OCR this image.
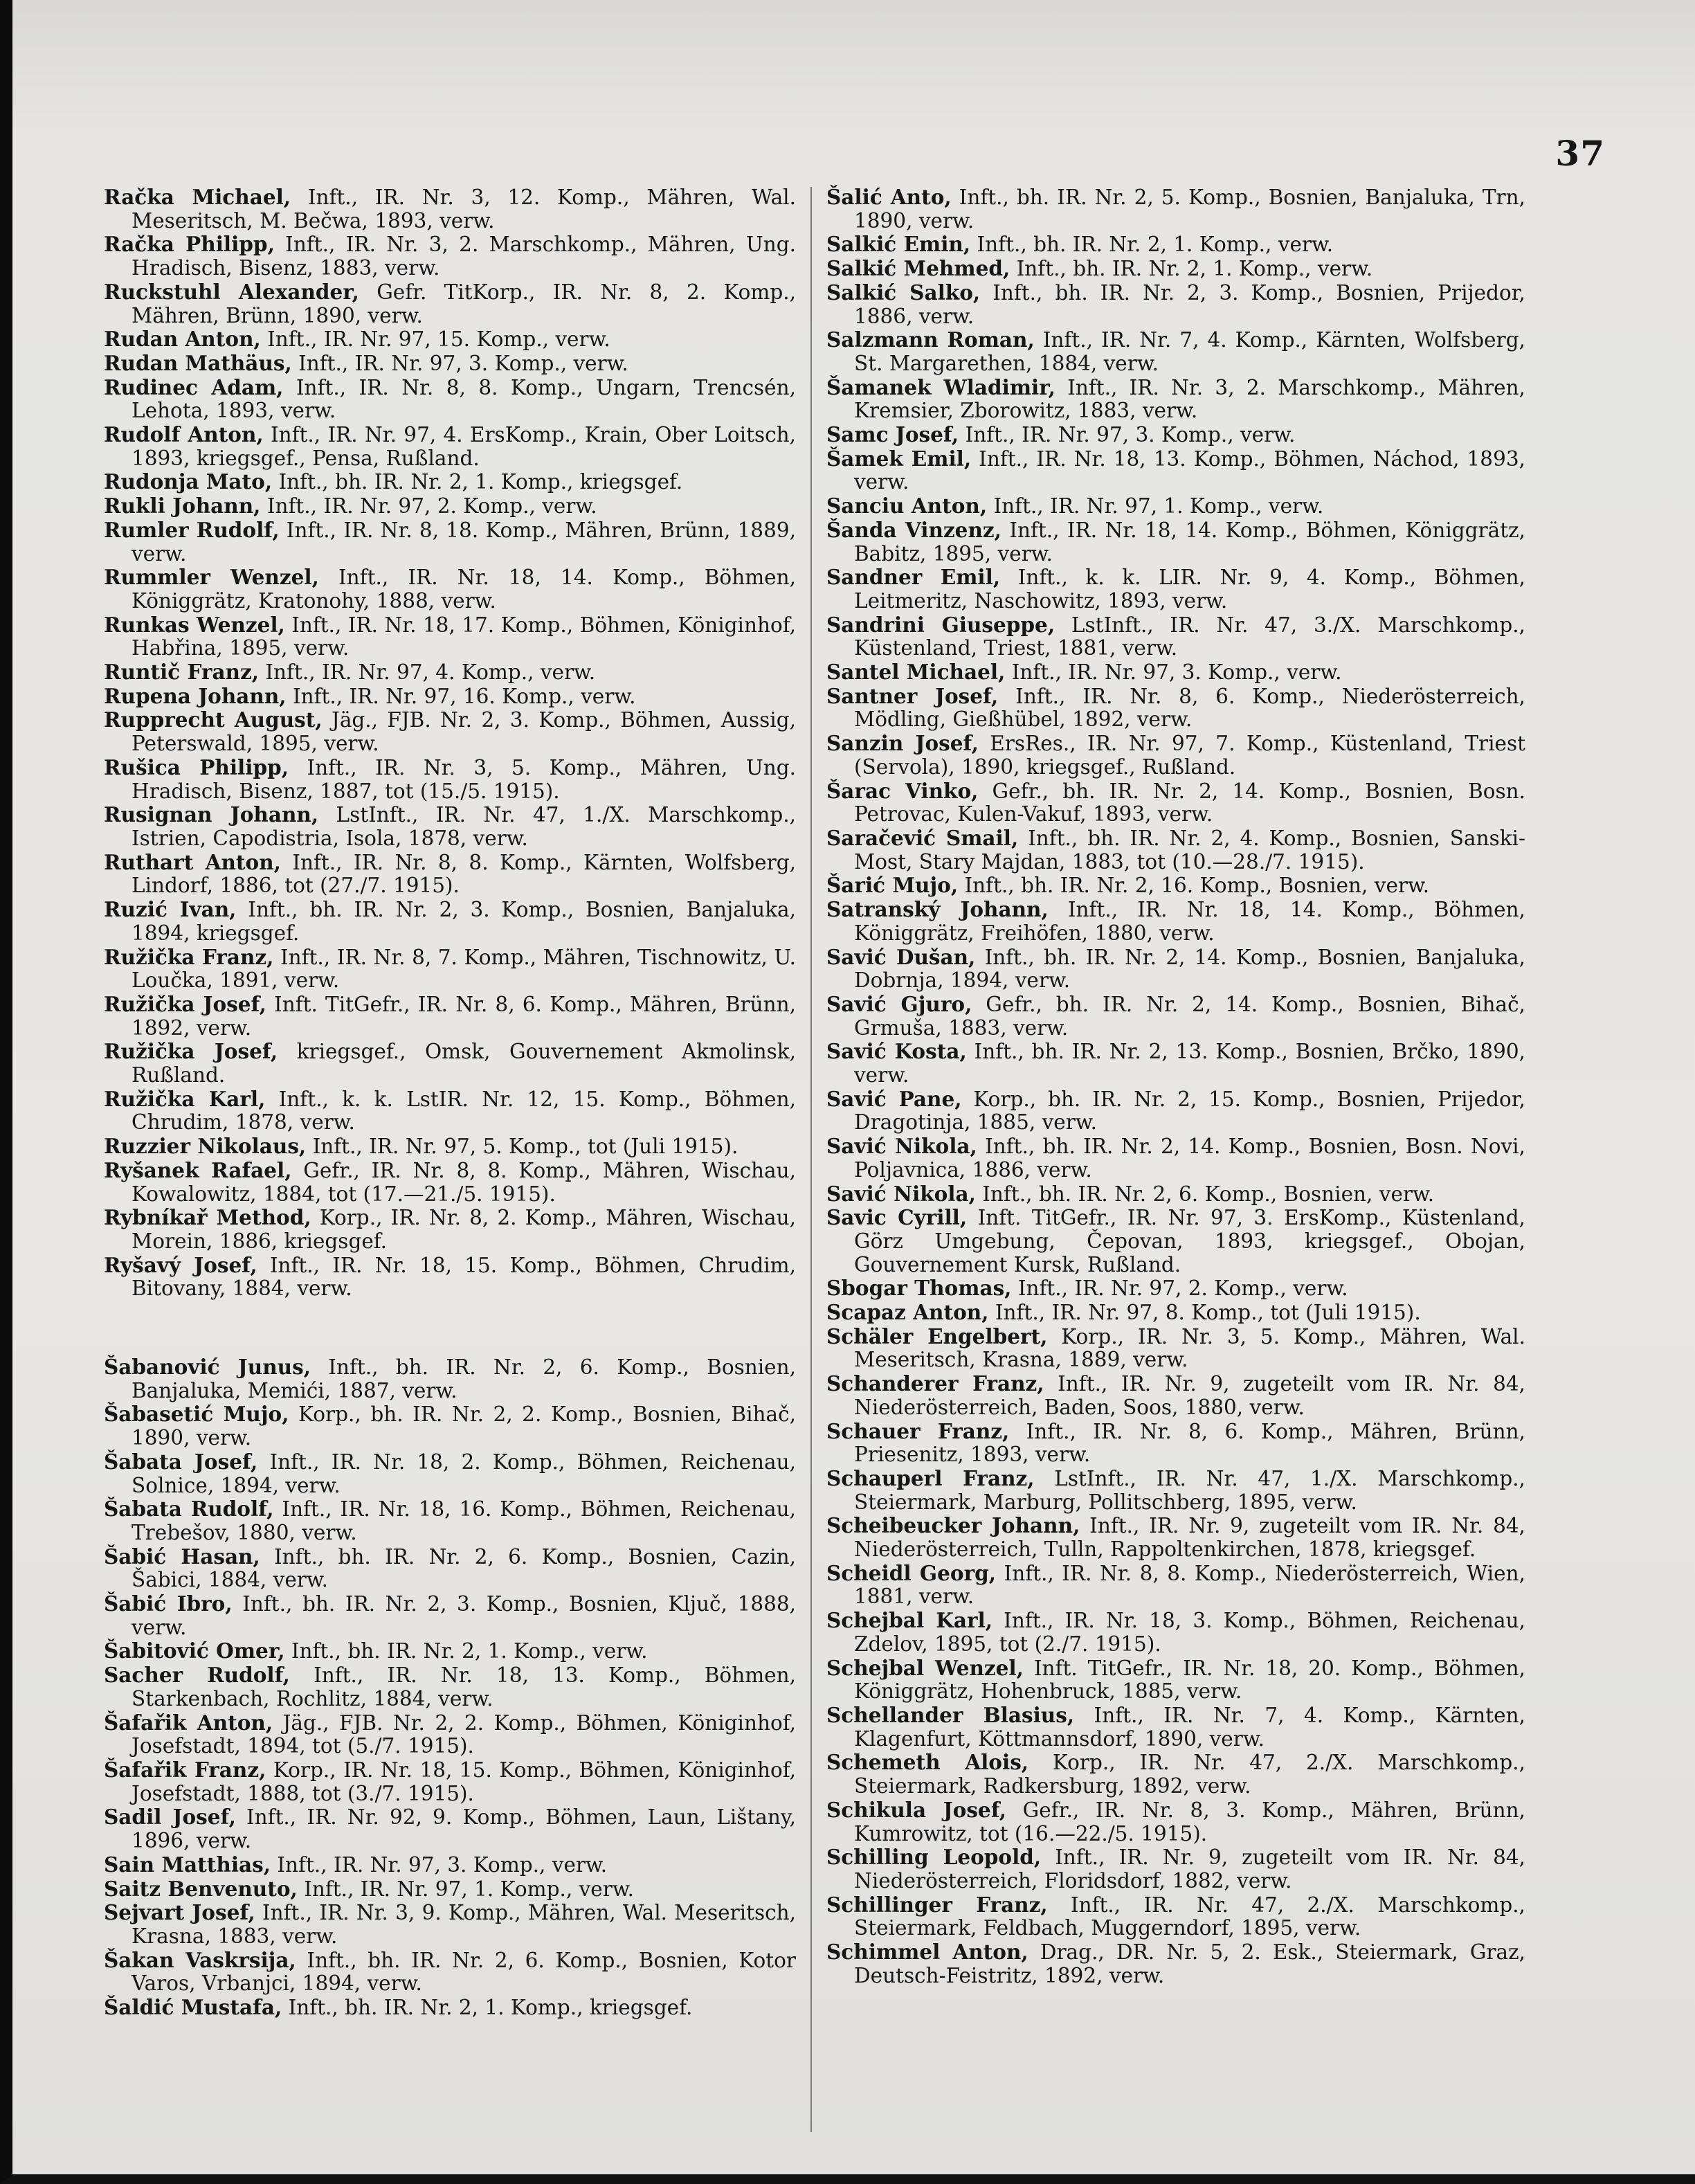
37

Račka Michael, Inft., IR. Nr. 3, 12. Komp., Mähren, Wal. Meseritsch, M. Bečwa, 1893, verw.

Račka Philipp, Inft., IR. Nr. 3, 2. Marschkomp., Mähren, Ung. Hradisch, Bisenz, 1883, verw.

Ruckstuhl Alexander, Gefr. TitKorp., IR. Nr. 8, 2. Komp., Mähren, Brünn, 1890, verw.

Rudan Anton, Inft., IR. Nr. 97, 15. Komp., verw.

Rudan Mathäus, Inft., IR. Nr. 97, 3. Komp., verw.

Rudinec Adam, Inft., IR. Nr. 8, 8. Komp., Ungarn, Trencsén, Lehota, 1893, verw.

Rudolf Anton, Inft., IR. Nr. 97, 4. ErsKomp., Krain, Ober Loitsch, 1893, kriegsgef., Pensa, Rußland.

Rudonja Mato, Inft., bh. IR. Nr. 2, 1. Komp., kriegsgef.

Rukli Johann, Inft., IR. Nr. 97, 2. Komp., verw.

Rumler Rudolf, Inft., IR. Nr. 8, 18. Komp., Mähren, Brünn, 1889, verw.

Rummler Wenzel, Inft., IR. Nr. 18, 14. Komp., Böhmen, Königgrätz, Kratonohy, 1888, verw.

Runkas Wenzel, Inft., IR. Nr. 18, 17. Komp., Böhmen, Königinhof, Habřina, 1895, verw.

Runtič Franz, Inft., IR. Nr. 97, 4. Komp., verw.

Rupena Johann, Inft., IR. Nr. 97, 16. Komp., verw.

Rupprecht August, Jäg., FJB. Nr. 2, 3. Komp., Böhmen, Aussig, Peterswald, 1895, verw.

Rušica Philipp, Inft., IR. Nr. 3, 5. Komp., Mähren, Ung. Hradisch, Bisenz, 1887, tot (15./5. 1915).

Rusignan Johann, LstInft., IR. Nr. 47, 1./X. Marschkomp., Istrien, Capodistria, Isola, 1878, verw.

Ruthart Anton, Inft., IR. Nr. 8, 8. Komp., Kärnten, Wolfsberg, Lindorf, 1886, tot (27./7. 1915).

Ruzić Ivan, Inft., bh. IR. Nr. 2, 3. Komp., Bosnien, Banjaluka, 1894, kriegsgef.

Ružička Franz, Inft., IR. Nr. 8, 7. Komp., Mähren, Tischnowitz, U. Loučka, 1891, verw.

Ružička Josef, Inft. TitGefr., IR. Nr. 8, 6. Komp., Mähren, Brünn, 1892, verw.

Ružička Josef, kriegsgef., Omsk, Gouvernement Akmolinsk, Rußland.

Ružička Karl, Inft., k. k. LstIR. Nr. 12, 15. Komp., Böhmen, Chrudim, 1878, verw.

Ruzzier Nikolaus, Inft., IR. Nr. 97, 5. Komp., tot (Juli 1915).

Ryšanek Rafael, Gefr., IR. Nr. 8, 8. Komp., Mähren, Wischau, Kowalowitz, 1884, tot (17.—21./5. 1915).

Rybníkař Method, Korp., IR. Nr. 8, 2. Komp., Mähren, Wischau, Morein, 1886, kriegsgef.

Ryšavý Josef, Inft., IR. Nr. 18, 15. Komp., Böhmen, Chrudim, Bitovany, 1884, verw.

Šabanović Junus, Inft., bh. IR. Nr. 2, 6. Komp., Bosnien, Banjaluka, Memići, 1887, verw.

Šabasetić Mujo, Korp., bh. IR. Nr. 2, 2. Komp., Bosnien, Bihač, 1890, verw.

Šabata Josef, Inft., IR. Nr. 18, 2. Komp., Böhmen, Reichenau, Solnice, 1894, verw.

Šabata Rudolf, Inft., IR. Nr. 18, 16. Komp., Böhmen, Reichenau, Trebešov, 1880, verw.

Šabić Hasan, Inft., bh. IR. Nr. 2, 6. Komp., Bosnien, Cazin, Šabici, 1884, verw.

Šabić Ibro, Inft., bh. IR. Nr. 2, 3. Komp., Bosnien, Ključ, 1888, verw.

Šabitović Omer, Inft., bh. IR. Nr. 2, 1. Komp., verw.

Sacher Rudolf, Inft., IR. Nr. 18, 13. Komp., Böhmen, Starkenbach, Rochlitz, 1884, verw.

Šafařik Anton, Jäg., FJB. Nr. 2, 2. Komp., Böhmen, Königinhof, Josefstadt, 1894, tot (5./7. 1915).

Šafařik Franz, Korp., IR. Nr. 18, 15. Komp., Böhmen, Königinhof, Josefstadt, 1888, tot (3./7. 1915).

Sadil Josef, Inft., IR. Nr. 92, 9. Komp., Böhmen, Laun, Lištany, 1896, verw.

Sain Matthias, Inft., IR. Nr. 97, 3. Komp., verw.

Saitz Benvenuto, Inft., IR. Nr. 97, 1. Komp., verw.

Sejvart Josef, Inft., IR. Nr. 3, 9. Komp., Mähren, Wal. Meseritsch, Krasna, 1883, verw.

Šakan Vaskrsija, Inft., bh. IR. Nr. 2, 6. Komp., Bosnien, Kotor Varos, Vrbanjci, 1894, verw.

Šaldić Mustafa, Inft., bh. IR. Nr. 2, 1. Komp., kriegsgef.

Šalić Anto, Inft., bh. IR. Nr. 2, 5. Komp., Bosnien, Banjaluka, Trn, 1890, verw.

Salkić Emin, Inft., bh. IR. Nr. 2, 1. Komp., verw.

Salkić Mehmed, Inft., bh. IR. Nr. 2, 1. Komp., verw.

Salkić Salko, Inft., bh. IR. Nr. 2, 3. Komp., Bosnien, Prijedor, 1886, verw.

Salzmann Roman, Inft., IR. Nr. 7, 4. Komp., Kärnten, Wolfsberg, St. Margarethen, 1884, verw.

Šamanek Wladimir, Inft., IR. Nr. 3, 2. Marschkomp., Mähren, Kremsier, Zborowitz, 1883, verw.

Samc Josef, Inft., IR. Nr. 97, 3. Komp., verw.

Šamek Emil, Inft., IR. Nr. 18, 13. Komp., Böhmen, Náchod, 1893, verw.

Sanciu Anton, Inft., IR. Nr. 97, 1. Komp., verw.

Šanda Vinzenz, Inft., IR. Nr. 18, 14. Komp., Böhmen, Königgrätz, Babitz, 1895, verw.

Sandner Emil, Inft., k. k. LIR. Nr. 9, 4. Komp., Böhmen, Leitmeritz, Naschowitz, 1893, verw.

Sandrini Giuseppe, LstInft., IR. Nr. 47, 3./X. Marschkomp., Küstenland, Triest, 1881, verw.

Santel Michael, Inft., IR. Nr. 97, 3. Komp., verw.

Santner Josef, Inft., IR. Nr. 8, 6. Komp., Niederösterreich, Mödling, Gießhübel, 1892, verw.

Sanzin Josef, ErsRes., IR. Nr. 97, 7. Komp., Küstenland, Triest (Servola), 1890, kriegsgef., Rußland.

Šarac Vinko, Gefr., bh. IR. Nr. 2, 14. Komp., Bosnien, Bosn. Petrovac, Kulen-Vakuf, 1893, verw.

Saračević Smail, Inft., bh. IR. Nr. 2, 4. Komp., Bosnien, Sanski-Most, Stary Majdan, 1883, tot (10.—28./7. 1915).

Šarić Mujo, Inft., bh. IR. Nr. 2, 16. Komp., Bosnien, verw.

Satranský Johann, Inft., IR. Nr. 18, 14. Komp., Böhmen, Königgrätz, Freihöfen, 1880, verw.

Savić Dušan, Inft., bh. IR. Nr. 2, 14. Komp., Bosnien, Banjaluka, Dobrnja, 1894, verw.

Savić Gjuro, Gefr., bh. IR. Nr. 2, 14. Komp., Bosnien, Bihač, Grmuša, 1883, verw.

Savić Kosta, Inft., bh. IR. Nr. 2, 13. Komp., Bosnien, Brčko, 1890, verw.

Savić Pane, Korp., bh. IR. Nr. 2, 15. Komp., Bosnien, Prijedor, Dragotinja, 1885, verw.

Savić Nikola, Inft., bh. IR. Nr. 2, 14. Komp., Bosnien, Bosn. Novi, Poljavnica, 1886, verw.

Savić Nikola, Inft., bh. IR. Nr. 2, 6. Komp., Bosnien, verw.

Savic Cyrill, Inft. TitGefr., IR. Nr. 97, 3. ErsKomp., Küstenland, Görz Umgebung, Čepovan, 1893, kriegsgef., Obojan, Gouvernement Kursk, Rußland.

Sbogar Thomas, Inft., IR. Nr. 97, 2. Komp., verw.

Scapaz Anton, Inft., IR. Nr. 97, 8. Komp., tot (Juli 1915).

Schäler Engelbert, Korp., IR. Nr. 3, 5. Komp., Mähren, Wal. Meseritsch, Krasna, 1889, verw.

Schanderer Franz, Inft., IR. Nr. 9, zugeteilt vom IR. Nr. 84, Niederösterreich, Baden, Soos, 1880, verw.

Schauer Franz, Inft., IR. Nr. 8, 6. Komp., Mähren, Brünn, Priesenitz, 1893, verw.

Schauperl Franz, LstInft., IR. Nr. 47, 1./X. Marschkomp., Steiermark, Marburg, Pollitschberg, 1895, verw.

Scheibeucker Johann, Inft., IR. Nr. 9, zugeteilt vom IR. Nr. 84, Niederösterreich, Tulln, Rappoltenkirchen, 1878, kriegsgef.

Scheidl Georg, Inft., IR. Nr. 8, 8. Komp., Niederösterreich, Wien, 1881, verw.

Schejbal Karl, Inft., IR. Nr. 18, 3. Komp., Böhmen, Reichenau, Zdelov, 1895, tot (2./7. 1915).

Schejbal Wenzel, Inft. TitGefr., IR. Nr. 18, 20. Komp., Böhmen, Königgrätz, Hohenbruck, 1885, verw.

Schellander Blasius, Inft., IR. Nr. 7, 4. Komp., Kärnten, Klagenfurt, Köttmannsdorf, 1890, verw.

Schemeth Alois, Korp., IR. Nr. 47, 2./X. Marschkomp., Steiermark, Radkersburg, 1892, verw.

Schikula Josef, Gefr., IR. Nr. 8, 3. Komp., Mähren, Brünn, Kumrowitz, tot (16.—22./5. 1915).

Schilling Leopold, Inft., IR. Nr. 9, zugeteilt vom IR. Nr. 84, Niederösterreich, Floridsdorf, 1882, verw.

Schillinger Franz, Inft., IR. Nr. 47, 2./X. Marschkomp., Steiermark, Feldbach, Muggerndorf, 1895, verw.

Schimmel Anton, Drag., DR. Nr. 5, 2. Esk., Steiermark, Graz, Deutsch-Feistritz, 1892, verw.
